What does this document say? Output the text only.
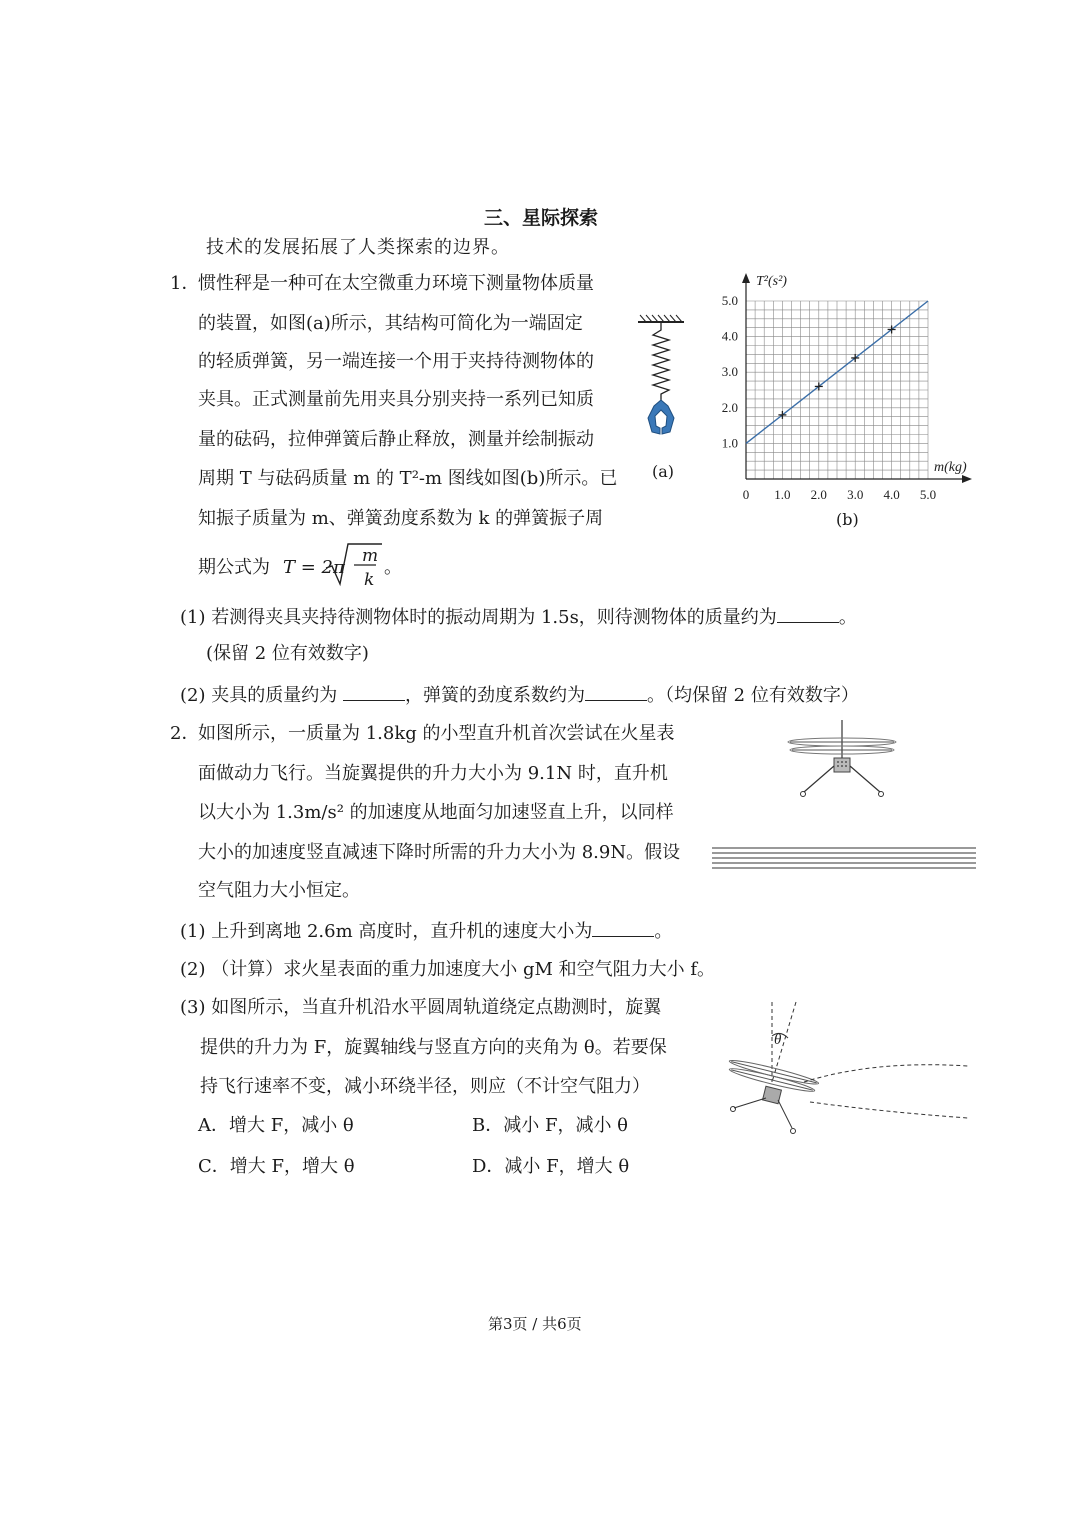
三、星际探索
技术的发展拓展了人类探索的边界。
1．
惯性秤是一种可在太空微重力环境下测量物体质量
的装置，如图(a)所示，其结构可简化为一端固定
的轻质弹簧，另一端连接一个用于夹持待测物体的
夹具。正式测量前先用夹具分别夹持一系列已知质
量的砝码，拉伸弹簧后静止释放，测量并绘制振动
周期 T 与砝码质量 m 的 T²-m 图线如图(b)所示。已
知振子质量为 m、弹簧劲度系数为 k 的弹簧振子周
期公式为 T = 2π
m
k
。
(1) 若测得夹具夹持待测物体时的振动周期为 1.5s，则待测物体的质量约为	。
(保留 2 位有效数字)
(2) 夹具的质量约为	，弹簧的劲度系数约为	。（均保留 2 位有效数字）
(a)
0 1.0 2.0 3.0 4.0 5.0
1.0
2.0
3.0
4.0
5.0
T²(s²)
m(kg)
(b)
2．
如图所示，一质量为 1.8kg 的小型直升机首次尝试在火星表
面做动力飞行。当旋翼提供的升力大小为 9.1N 时，直升机
以大小为 1.3m/s² 的加速度从地面匀加速竖直上升，以同样
大小的加速度竖直减速下降时所需的升力大小为 8.9N。假设
空气阻力大小恒定。
(1) 上升到离地 2.6m 高度时，直升机的速度大小为	。
(2) （计算）求火星表面的重力加速度大小 gM 和空气阻力大小 f。
(3) 如图所示，当直升机沿水平圆周轨道绕定点勘测时，旋翼
提供的升力为 F，旋翼轴线与竖直方向的夹角为 θ。若要保
持飞行速率不变，减小环绕半径，则应（不计空气阻力）
A．增大 F，减小 θ	B．减小 F，减小 θ
C．增大 F，增大 θ	D．减小 F，增大 θ
θ
第3页 / 共6页
